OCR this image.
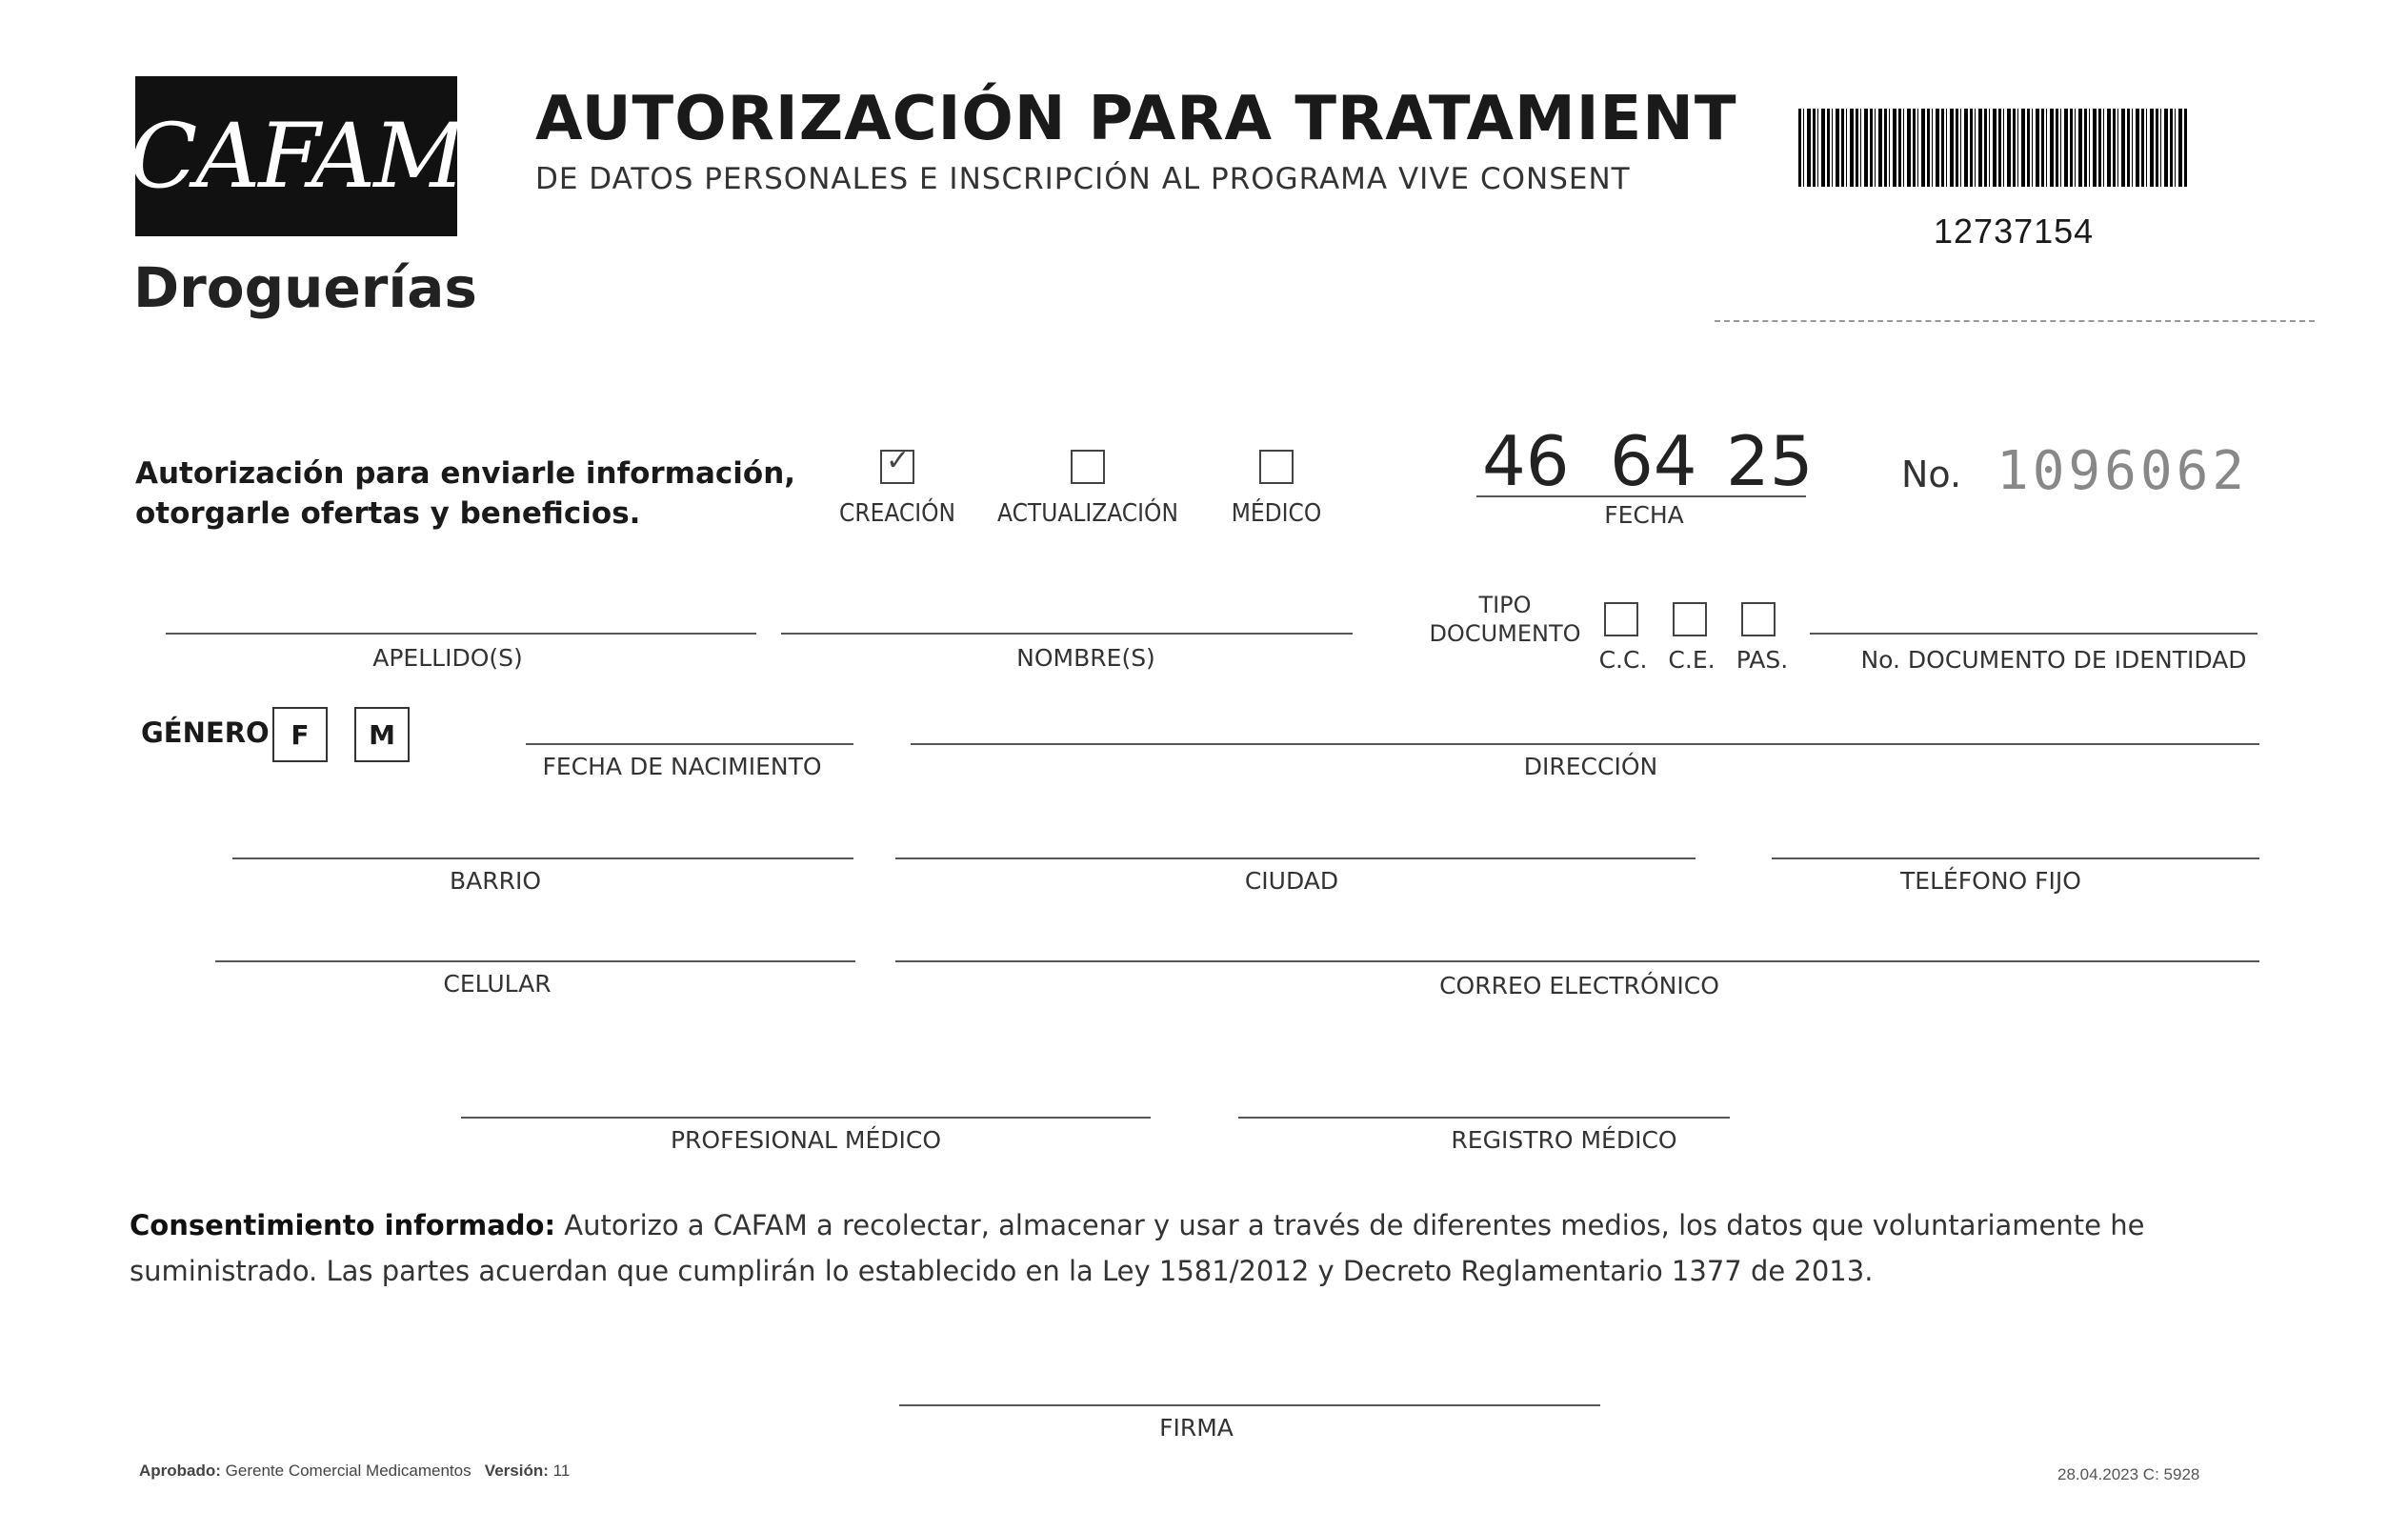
CAFAM
Droguerías
AUTORIZACIÓN PARA TRATAMIENT
DE DATOS PERSONALES E INSCRIPCIÓN AL PROGRAMA VIVE CONSENT
12737154
Autorización para enviarle información, otorgarle ofertas y beneficios.
✓
CREACIÓN ACTUALIZACIÓN MÉDICO
46 64 25
FECHA
No. 1096062
APELLIDO(S)	NOMBRE(S)
TIPO DOCUMENTO
C.C. C.E. PAS.	No. DOCUMENTO DE IDENTIDAD
GÉNERO F M
FECHA DE NACIMIENTO	DIRECCIÓN
BARRIO	CIUDAD	TELÉFONO FIJO
CELULAR	CORREO ELECTRÓNICO
PROFESIONAL MÉDICO	REGISTRO MÉDICO
Consentimiento informado: Autorizo a CAFAM a recolectar, almacenar y usar a través de diferentes medios, los datos que voluntariamente he suministrado. Las partes acuerdan que cumplirán lo establecido en la Ley 1581/2012 y Decreto Reglamentario 1377 de 2013.
FIRMA
Aprobado: Gerente Comercial Medicamentos Versión: 11	28.04.2023 C: 5928
